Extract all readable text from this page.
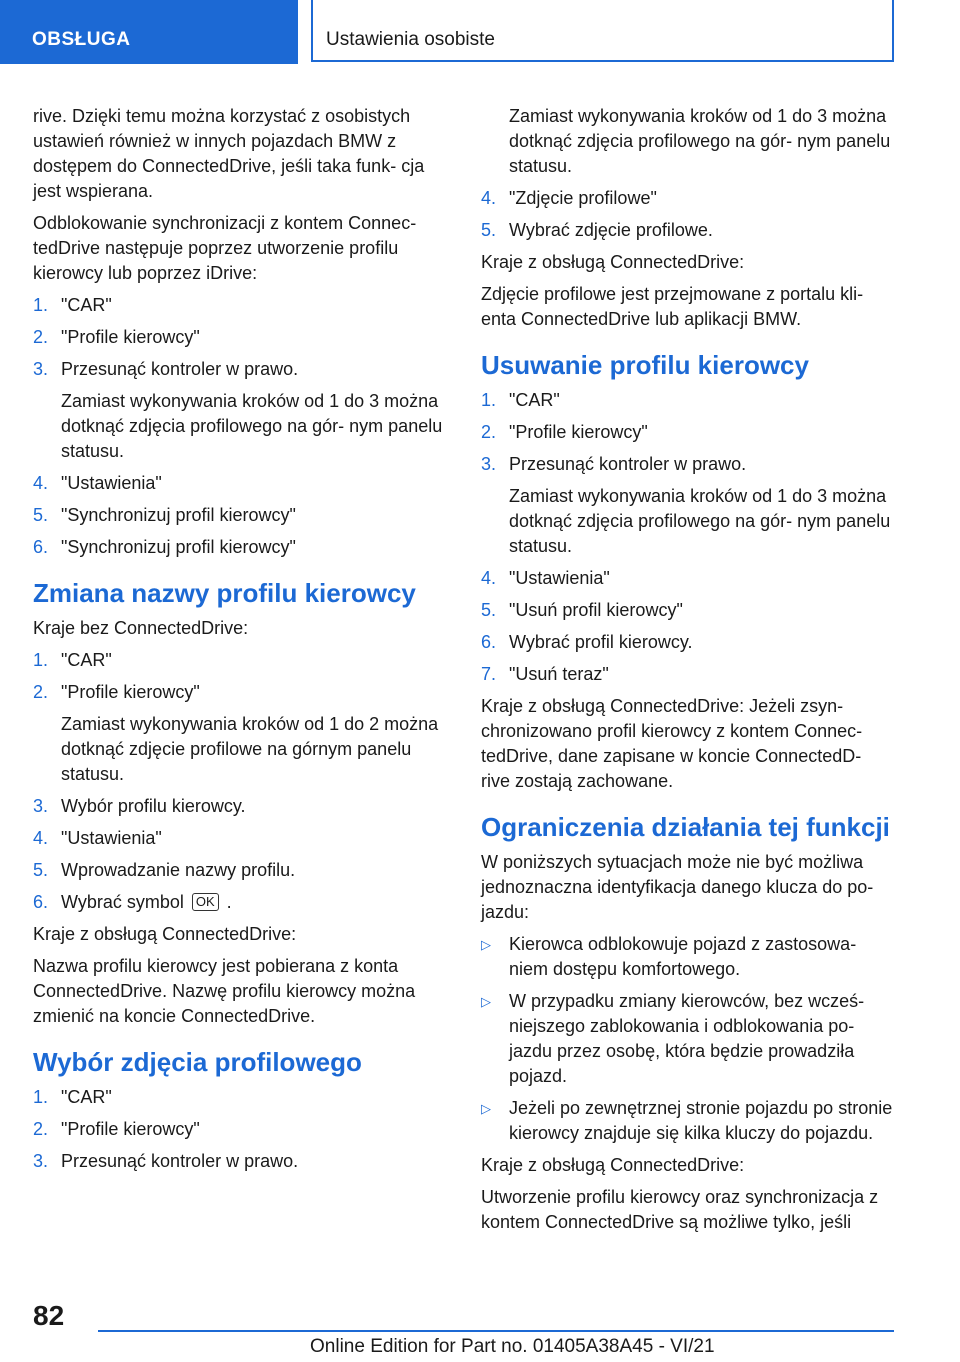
OBSŁUGA	Ustawienia osobiste

rive. Dzięki temu można korzystać z osobistych ustawień również w innych pojazdach BMW z dostępem do ConnectedDrive, jeśli taka funk- cja jest wspierana.

Odblokowanie synchronizacji z kontem Connec- tedDrive następuje poprzez utworzenie profilu kierowcy lub poprzez iDrive:

1. "CAR"
2. "Profile kierowcy"
3. Przesunąć kontroler w prawo.
Zamiast wykonywania kroków od 1 do 3 można dotknąć zdjęcia profilowego na gór- nym panelu statusu.
4. "Ustawienia"
5. "Synchronizuj profil kierowcy"
6. "Synchronizuj profil kierowcy"
Zmiana nazwy profilu kierowcy

Kraje bez ConnectedDrive:

1. "CAR"
2. "Profile kierowcy"
Zamiast wykonywania kroków od 1 do 2 można dotknąć zdjęcie profilowe na górnym panelu statusu.
3. Wybór profilu kierowcy.
4. "Ustawienia"
5. Wprowadzanie nazwy profilu.
6. Wybrać symbol OK .

Kraje z obsługą ConnectedDrive:

Nazwa profilu kierowcy jest pobierana z konta ConnectedDrive. Nazwę profilu kierowcy można zmienić na koncie ConnectedDrive.

Wybór zdjęcia profilowego
1. "CAR"
2. "Profile kierowcy"
3. Przesunąć kontroler w prawo.
Zamiast wykonywania kroków od 1 do 3 można dotknąć zdjęcia profilowego na gór- nym panelu statusu.
4. "Zdjęcie profilowe"
5. Wybrać zdjęcie profilowe.

Kraje z obsługą ConnectedDrive:

Zdjęcie profilowe jest przejmowane z portalu kli- enta ConnectedDrive lub aplikacji BMW.

Usuwanie profilu kierowcy
1. "CAR"
2. "Profile kierowcy"
3. Przesunąć kontroler w prawo.
Zamiast wykonywania kroków od 1 do 3 można dotknąć zdjęcia profilowego na gór- nym panelu statusu.
4. "Ustawienia"
5. "Usuń profil kierowcy"
6. Wybrać profil kierowcy.
7. "Usuń teraz"

Kraje z obsługą ConnectedDrive: Jeżeli zsyn- chronizowano profil kierowcy z kontem Connec- tedDrive, dane zapisane w koncie ConnectedD- rive zostają zachowane.

Ograniczenia działania tej funkcji

W poniższych sytuacjach może nie być możliwa jednoznaczna identyfikacja danego klucza do po- jazdu:

▷ Kierowca odblokowuje pojazd z zastosowa- niem dostępu komfortowego.
▷ W przypadku zmiany kierowców, bez wcześ- niejszego zablokowania i odblokowania po- jazdu przez osobę, która będzie prowadziła pojazd.
▷ Jeżeli po zewnętrznej stronie pojazdu po stronie kierowcy znajduje się kilka kluczy do pojazdu.

Kraje z obsługą ConnectedDrive:

Utworzenie profilu kierowcy oraz synchronizacja z kontem ConnectedDrive są możliwe tylko, jeśli

82
Online Edition for Part no. 01405A38A45 - VI/21
